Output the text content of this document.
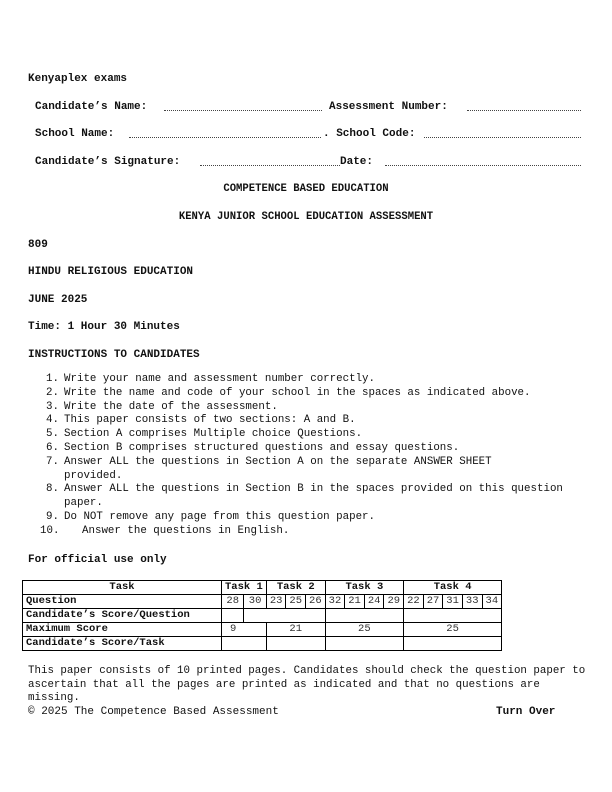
Kenyaplex exams
Candidate’s Name:	Assessment Number:
School Name:	. School Code:
Candidate’s Signature:	Date:
COMPETENCE BASED EDUCATION
KENYA JUNIOR SCHOOL EDUCATION ASSESSMENT
809
HINDU RELIGIOUS EDUCATION
JUNE 2025
Time: 1 Hour 30 Minutes
INSTRUCTIONS TO CANDIDATES
1. Write your name and assessment number correctly.
2. Write the name and code of your school in the spaces as indicated above.
3. Write the date of the assessment.
4. This paper consists of two sections: A and B.
5. Section A comprises Multiple choice Questions.
6. Section B comprises structured questions and essay questions.
7. Answer ALL the questions in Section A on the separate ANSWER SHEET provided.
8. Answer ALL the questions in Section B in the spaces provided on this question paper.
9. Do NOT remove any page from this question paper.
10. Answer the questions in English.
For official use only
Task	Task 1		Task 2			Task 3				Task 4				
Question	28	30	23	25	26	32	21	24	29	22	27	31	33	34
Candidate’s Score/Question														
Maximum Score	9		21			25				25				
Candidate’s Score/Task														
This paper consists of 10 printed pages. Candidates should check the question paper to ascertain that all the pages are printed as indicated and that no questions are missing.
© 2025 The Competence Based Assessment	Turn Over
